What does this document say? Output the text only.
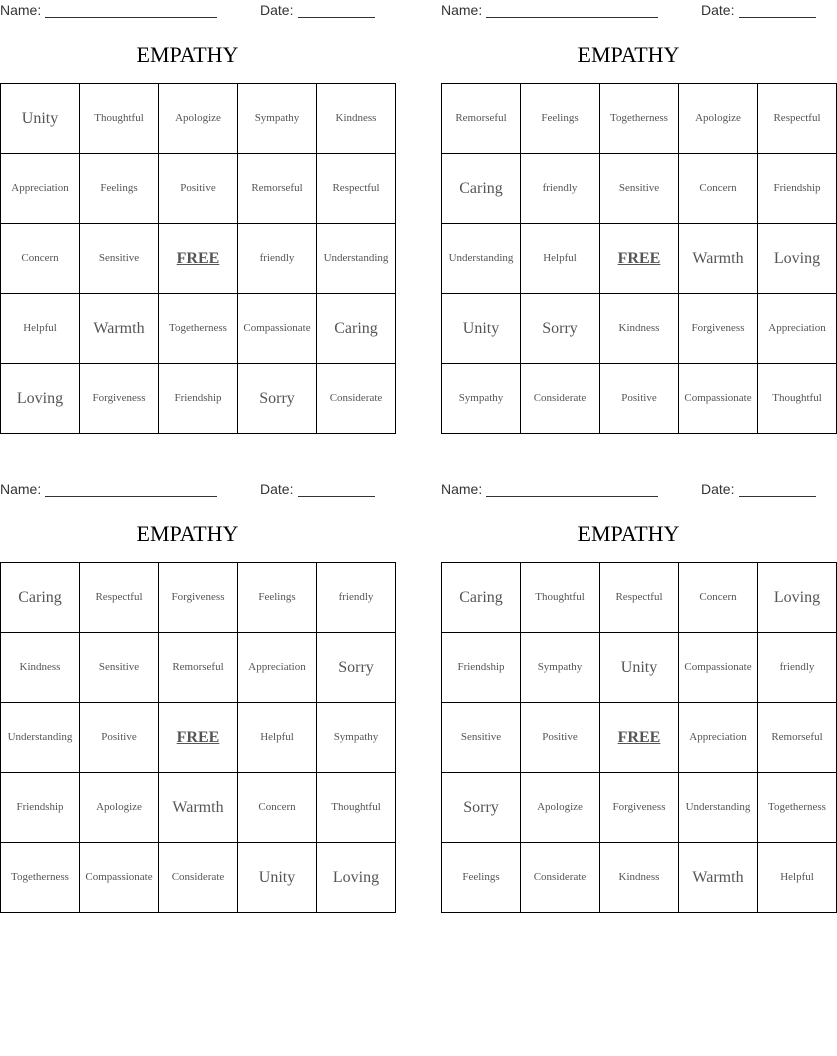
Name:	Date:
EMPATHY
Unity	Thoughtful	Apologize	Sympathy	Kindness
Appreciation	Feelings	Positive	Remorseful	Respectful
Concern	Sensitive	FREE	friendly	Understanding
Helpful	Warmth	Togetherness	Compassionate	Caring
Loving	Forgiveness	Friendship	Sorry	Considerate
Name:	Date:
EMPATHY
Remorseful	Feelings	Togetherness	Apologize	Respectful
Caring	friendly	Sensitive	Concern	Friendship
Understanding	Helpful	FREE	Warmth	Loving
Unity	Sorry	Kindness	Forgiveness	Appreciation
Sympathy	Considerate	Positive	Compassionate	Thoughtful
Name:	Date:
EMPATHY
Caring	Respectful	Forgiveness	Feelings	friendly
Kindness	Sensitive	Remorseful	Appreciation	Sorry
Understanding	Positive	FREE	Helpful	Sympathy
Friendship	Apologize	Warmth	Concern	Thoughtful
Togetherness	Compassionate	Considerate	Unity	Loving
Name:	Date:
EMPATHY
Caring	Thoughtful	Respectful	Concern	Loving
Friendship	Sympathy	Unity	Compassionate	friendly
Sensitive	Positive	FREE	Appreciation	Remorseful
Sorry	Apologize	Forgiveness	Understanding	Togetherness
Feelings	Considerate	Kindness	Warmth	Helpful
